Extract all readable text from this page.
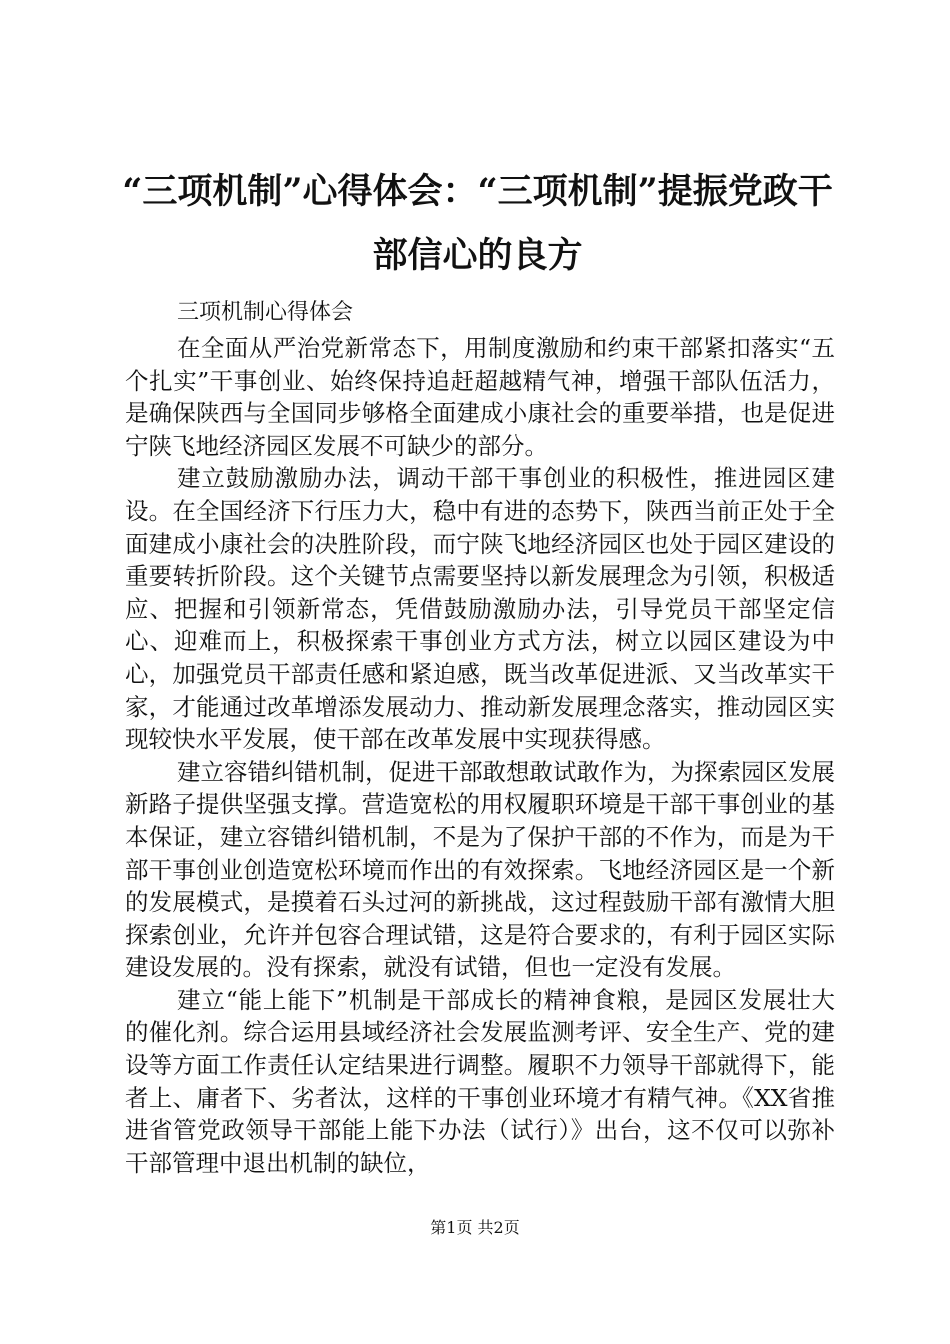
“三项机制”心得体会：“三项机制”提振党政干部信心的良方

三项机制心得体会

在全面从严治党新常态下，用制度激励和约束干部紧扣落实“五个扎实”干事创业、始终保持追赶超越精气神，增强干部队伍活力，是确保陕西与全国同步够格全面建成小康社会的重要举措，也是促进宁陕飞地经济园区发展不可缺少的部分。

建立鼓励激励办法，调动干部干事创业的积极性，推进园区建设。在全国经济下行压力大，稳中有进的态势下，陕西当前正处于全面建成小康社会的决胜阶段，而宁陕飞地经济园区也处于园区建设的重要转折阶段。这个关键节点需要坚持以新发展理念为引领，积极适应、把握和引领新常态，凭借鼓励激励办法，引导党员干部坚定信心、迎难而上，积极探索干事创业方式方法，树立以园区建设为中心，加强党员干部责任感和紧迫感，既当改革促进派、又当改革实干家，才能通过改革增添发展动力、推动新发展理念落实，推动园区实现较快水平发展，使干部在改革发展中实现获得感。

建立容错纠错机制，促进干部敢想敢试敢作为，为探索园区发展新路子提供坚强支撑。营造宽松的用权履职环境是干部干事创业的基本保证，建立容错纠错机制，不是为了保护干部的不作为，而是为干部干事创业创造宽松环境而作出的有效探索。飞地经济园区是一个新的发展模式，是摸着石头过河的新挑战，这过程鼓励干部有激情大胆探索创业，允许并包容合理试错，这是符合要求的，有利于园区实际建设发展的。没有探索，就没有试错，但也一定没有发展。

建立“能上能下”机制是干部成长的精神食粮，是园区发展壮大的催化剂。综合运用县域经济社会发展监测考评、安全生产、党的建设等方面工作责任认定结果进行调整。履职不力领导干部就得下，能者上、庸者下、劣者汰，这样的干事创业环境才有精气神。《XX省推进省管党政领导干部能上能下办法（试行）》出台，这不仅可以弥补干部管理中退出机制的缺位，

第1页 共2页
